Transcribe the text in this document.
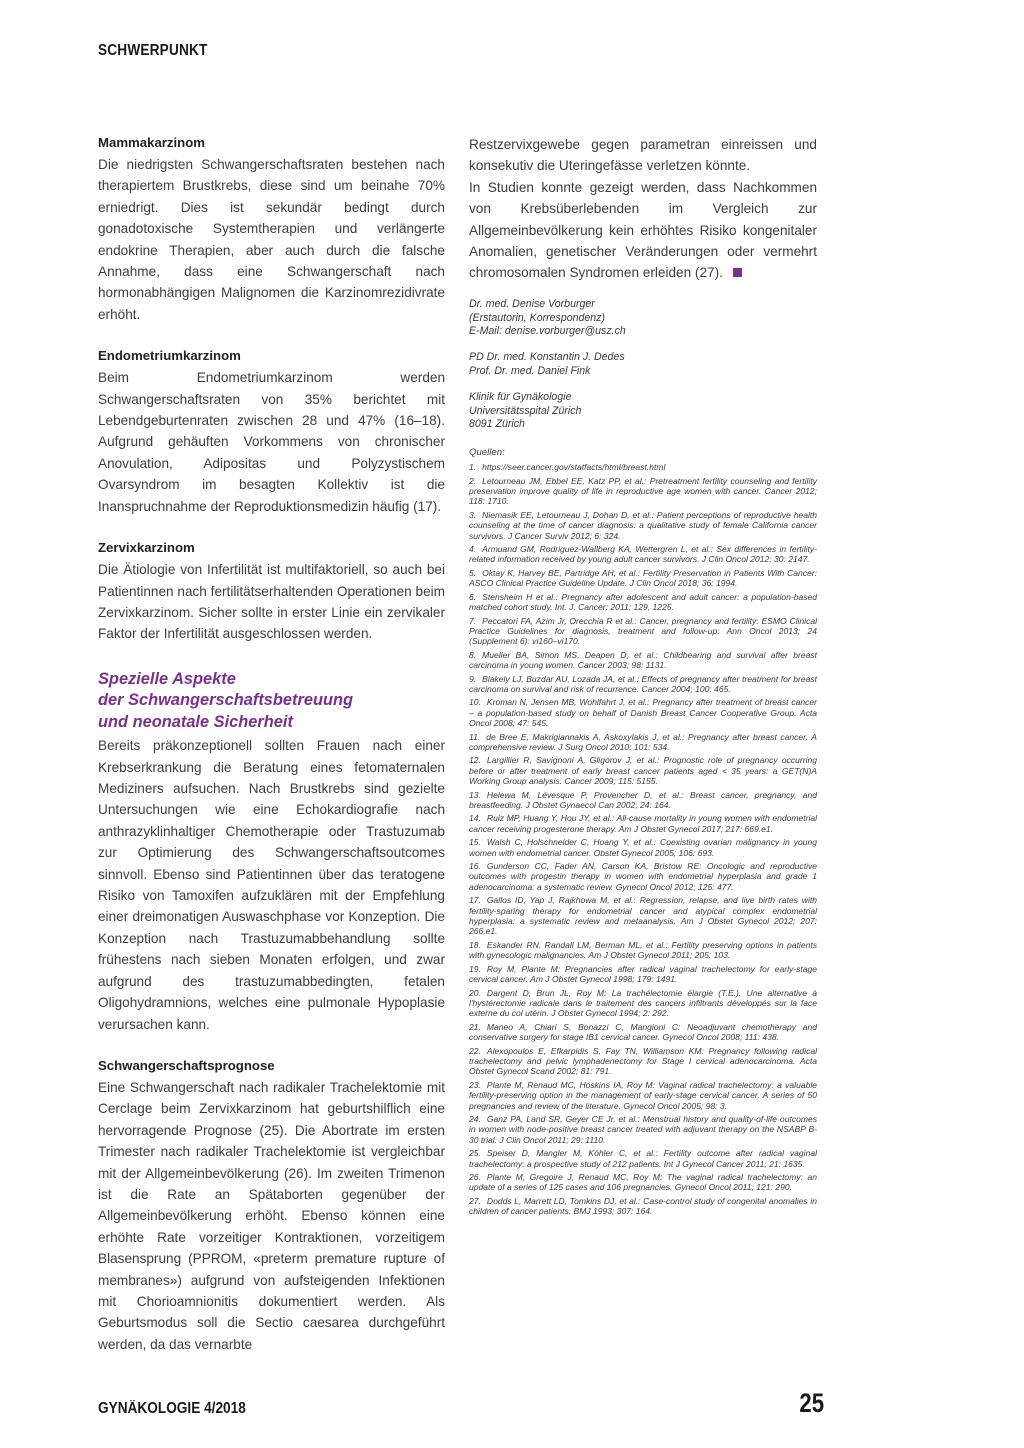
SCHWERPUNKT

Mammakarzinom

Die niedrigsten Schwangerschaftsraten bestehen nach therapiertem Brustkrebs, diese sind um beinahe 70% erniedrigt. Dies ist sekundär bedingt durch gonadotoxische Systemtherapien und verlängerte endokrine Therapien, aber auch durch die falsche Annahme, dass eine Schwangerschaft nach hormonabhängigen Malignomen die Karzinomrezidivrate erhöht.

Endometriumkarzinom

Beim Endometriumkarzinom werden Schwangerschaftsraten von 35% berichtet mit Lebendgeburtenraten zwischen 28 und 47% (16–18). Aufgrund gehäuften Vorkommens von chronischer Anovulation, Adipositas und Polyzystischem Ovarsyndrom im besagten Kollektiv ist die Inanspruchnahme der Reproduktionsmedizin häufig (17).

Zervixkarzinom

Die Ätiologie von Infertilität ist multifaktoriell, so auch bei Patientinnen nach fertilitätserhaltenden Operationen beim Zervixkarzinom. Sicher sollte in erster Linie ein zervikaler Faktor der Infertilität ausgeschlossen werden.

Spezielle Aspekte

der Schwangerschaftsbetreuung

und neonatale Sicherheit

Bereits präkonzeptionell sollten Frauen nach einer Krebserkrankung die Beratung eines fetomaternalen Mediziners aufsuchen. Nach Brustkrebs sind gezielte Untersuchungen wie eine Echokardiografie nach anthrazyklinhaltiger Chemotherapie oder Trastuzumab zur Optimierung des Schwangerschaftsoutcomes sinnvoll. Ebenso sind Patientinnen über das teratogene Risiko von Tamoxifen aufzuklären mit der Empfehlung einer dreimonatigen Auswaschphase vor Konzeption. Die Konzeption nach Trastuzumabbehandlung sollte frühestens nach sieben Monaten erfolgen, und zwar aufgrund des trastuzumabbedingten, fetalen Oligohydramnions, welches eine pulmonale Hypoplasie verursachen kann.

Schwangerschaftsprognose

Eine Schwangerschaft nach radikaler Trachelektomie mit Cerclage beim Zervixkarzinom hat geburtshilflich eine hervorragende Prognose (25). Die Abortrate im ersten Trimester nach radikaler Trachelektomie ist vergleichbar mit der Allgemeinbevölkerung (26). Im zweiten Trimenon ist die Rate an Spätaborten gegenüber der Allgemeinbevölkerung erhöht. Ebenso können eine erhöhte Rate vorzeitiger Kontraktionen, vorzeitigem Blasensprung (PPROM, «preterm premature rupture of membranes») aufgrund von aufsteigenden Infektionen mit Chorioamnionitis dokumentiert werden. Als Geburtsmodus soll die Sectio caesarea durchgeführt werden, da das vernarbte

Restzervixgewebe gegen parametran einreissen und konsekutiv die Uteringefässe verletzen könnte.

In Studien konnte gezeigt werden, dass Nachkommen von Krebsüberlebenden im Vergleich zur Allgemeinbevölkerung kein erhöhtes Risiko kongenitaler Anomalien, genetischer Veränderungen oder vermehrt chromosomalen Syndromen erleiden (27).

Dr. med. Denise Vorburger
(Erstautorin, Korrespondenz)
E-Mail: denise.vorburger@usz.ch

PD Dr. med. Konstantin J. Dedes
Prof. Dr. med. Daniel Fink

Klinik für Gynäkologie
Universitätsspital Zürich
8091 Zürich

Quellen:

1. https://seer.cancer.gov/statfacts/html/breast.html
2. Letourneau JM, Ebbel EE, Katz PP, et al.: Pretreatment fertility counseling and fertility preservation improve quality of life in reproductive age women with cancer. Cancer 2012; 118: 1710.
3. Niemasik EE, Letourneau J, Dohan D, et al.: Patient perceptions of reproductive health counseling at the time of cancer diagnosis: a qualitative study of female California cancer survivors. J Cancer Surviv 2012; 6: 324.
4. Armuand GM, Rodriguez-Wallberg KA, Wettergren L, et al.: Sex differences in fertility-related information received by young adult cancer survivors. J Clin Oncol 2012; 30: 2147.
5. Oktay K, Harvey BE, Partridge AH, et al.: Fertility Preservation in Patients With Cancer: ASCO Clinical Practice Guideline Update. J Clin Oncol 2018; 36: 1994.
6. Stensheim H et al.: Pregnancy after adolescent and adult cancer: a population-based matched cohort study. Int. J. Cancer: 2011; 129, 1225.
7. Peccatori FA, Azim Jr, Orecchia R et al.: Cancer, pregnancy and fertility: ESMO Clinical Practice Guidelines for diagnosis, treatment and follow-up: Ann Oncol 2013; 24 (Supplement 6): vi160–vi170.
8. Mueller BA, Simon MS, Deapen D, et al.: Childbearing and survival after breast carcinoma in young women. Cancer 2003; 98: 1131.
9. Blakely LJ, Buzdar AU, Lozada JA, et al.: Effects of pregnancy after treatment for breast carcinoma on survival and risk of recurrence. Cancer 2004; 100: 465.
10. Kroman N, Jensen MB, Wohlfahrt J, et al.: Pregnancy after treatment of breast cancer – a population-based study on behalf of Danish Breast Cancer Cooperative Group. Acta Oncol 2008; 47: 545.
11. de Bree E, Makrigiannakis A, Askoxylakis J, et al.: Pregnancy after breast cancer. A comprehensive review. J Surg Oncol 2010; 101: 534.
12. Largillier R, Savignoni A, Gligorov J, et al.: Prognostic role of pregnancy occurring before or after treatment of early breast cancer patients aged < 35 years: a GET(N)A Working Group analysis. Cancer 2009; 115: 5155.
13. Helewa M, Lévesque P, Provencher D, et al.: Breast cancer, pregnancy, and breastfeeding. J Obstet Gynaecol Can 2002; 24: 164.
14. Ruiz MP, Huang Y, Hou JY, et al.: All-cause mortality in young women with endometrial cancer receiving progesterone therapy. Am J Obstet Gynecol 2017; 217: 669.e1.
15. Walsh C, Holschneider C, Hoang Y, et al.: Coexisting ovarian malignancy in young women with endometrial cancer. Obstet Gynecol 2005; 106: 693.
16. Gunderson CC, Fader AN, Carson KA, Bristow RE: Oncologic and reproductive outcomes with progestin therapy in women with endometrial hyperplasia and grade 1 adenocarcinoma: a systematic review. Gynecol Oncol 2012; 125: 477.
17. Gallos ID, Yap J, Rajkhowa M, et al.: Regression, relapse, and live birth rates with fertility-sparing therapy for endometrial cancer and atypical complex endometrial hyperplasia: a systematic review and metaanalysis. Am J Obstet Gynecol 2012; 207: 266.e1.
18. Eskander RN, Randall LM, Berman ML, et al.: Fertility preserving options in patients with gynecologic malignancies. Am J Obstet Gynecol 2011; 205: 103.
19. Roy M, Plante M: Pregnancies after radical vaginal trachelectomy for early-stage cervical cancer. Am J Obstet Gynecol 1998; 179: 1491.
20. Dargent D, Brun JL, Roy M: La trachélectomie élargie (T.E.). Une alternative à l'hystérectomie radicale dans le traitement des cancers infiltrants développés sur la face externe du col utérin. J Obstet Gynecol 1994; 2: 292.
21. Maneo A, Chiari S, Bonazzi C, Mangioni C: Neoadjuvant chemotherapy and conservative surgery for stage IB1 cervical cancer. Gynecol Oncol 2008; 111: 438.
22. Alexopoulos E, Efkarpidis S, Fay TN, Williamson KM: Pregnancy following radical trachelectomy and pelvic lymphadenectomy for Stage I cervical adenocarcinoma. Acta Obstet Gynecol Scand 2002; 81: 791.
23. Plante M, Renaud MC, Hoskins IA, Roy M: Vaginal radical trachelectomy: a valuable fertility-preserving option in the management of early-stage cervical cancer. A series of 50 pregnancies and review of the literature. Gynecol Oncol 2005; 98: 3.
24. Ganz PA, Land SR, Geyer CE Jr, et al.: Menstrual history and quality-of-life outcomes in women with node-positive breast cancer treated with adjuvant therapy on the NSABP B-30 trial. J Clin Oncol 2011; 29: 1110.
25. Speiser D, Mangler M, Köhler C, et al.: Fertility outcome after radical vaginal trachelectomy: a prospective study of 212 patients. Int J Gynecol Cancer 2011; 21: 1635.
26. Plante M, Gregoire J, Renaud MC, Roy M: The vaginal radical trachelectomy: an update of a series of 125 cases and 106 pregnancies. Gynecol Oncol 2011; 121: 290.
27. Dodds L, Marrett LD, Tomkins DJ, et al.: Case-control study of congenital anomalies in children of cancer patients. BMJ 1993; 307: 164.
GYNÄKOLOGIE 4/2018	25
